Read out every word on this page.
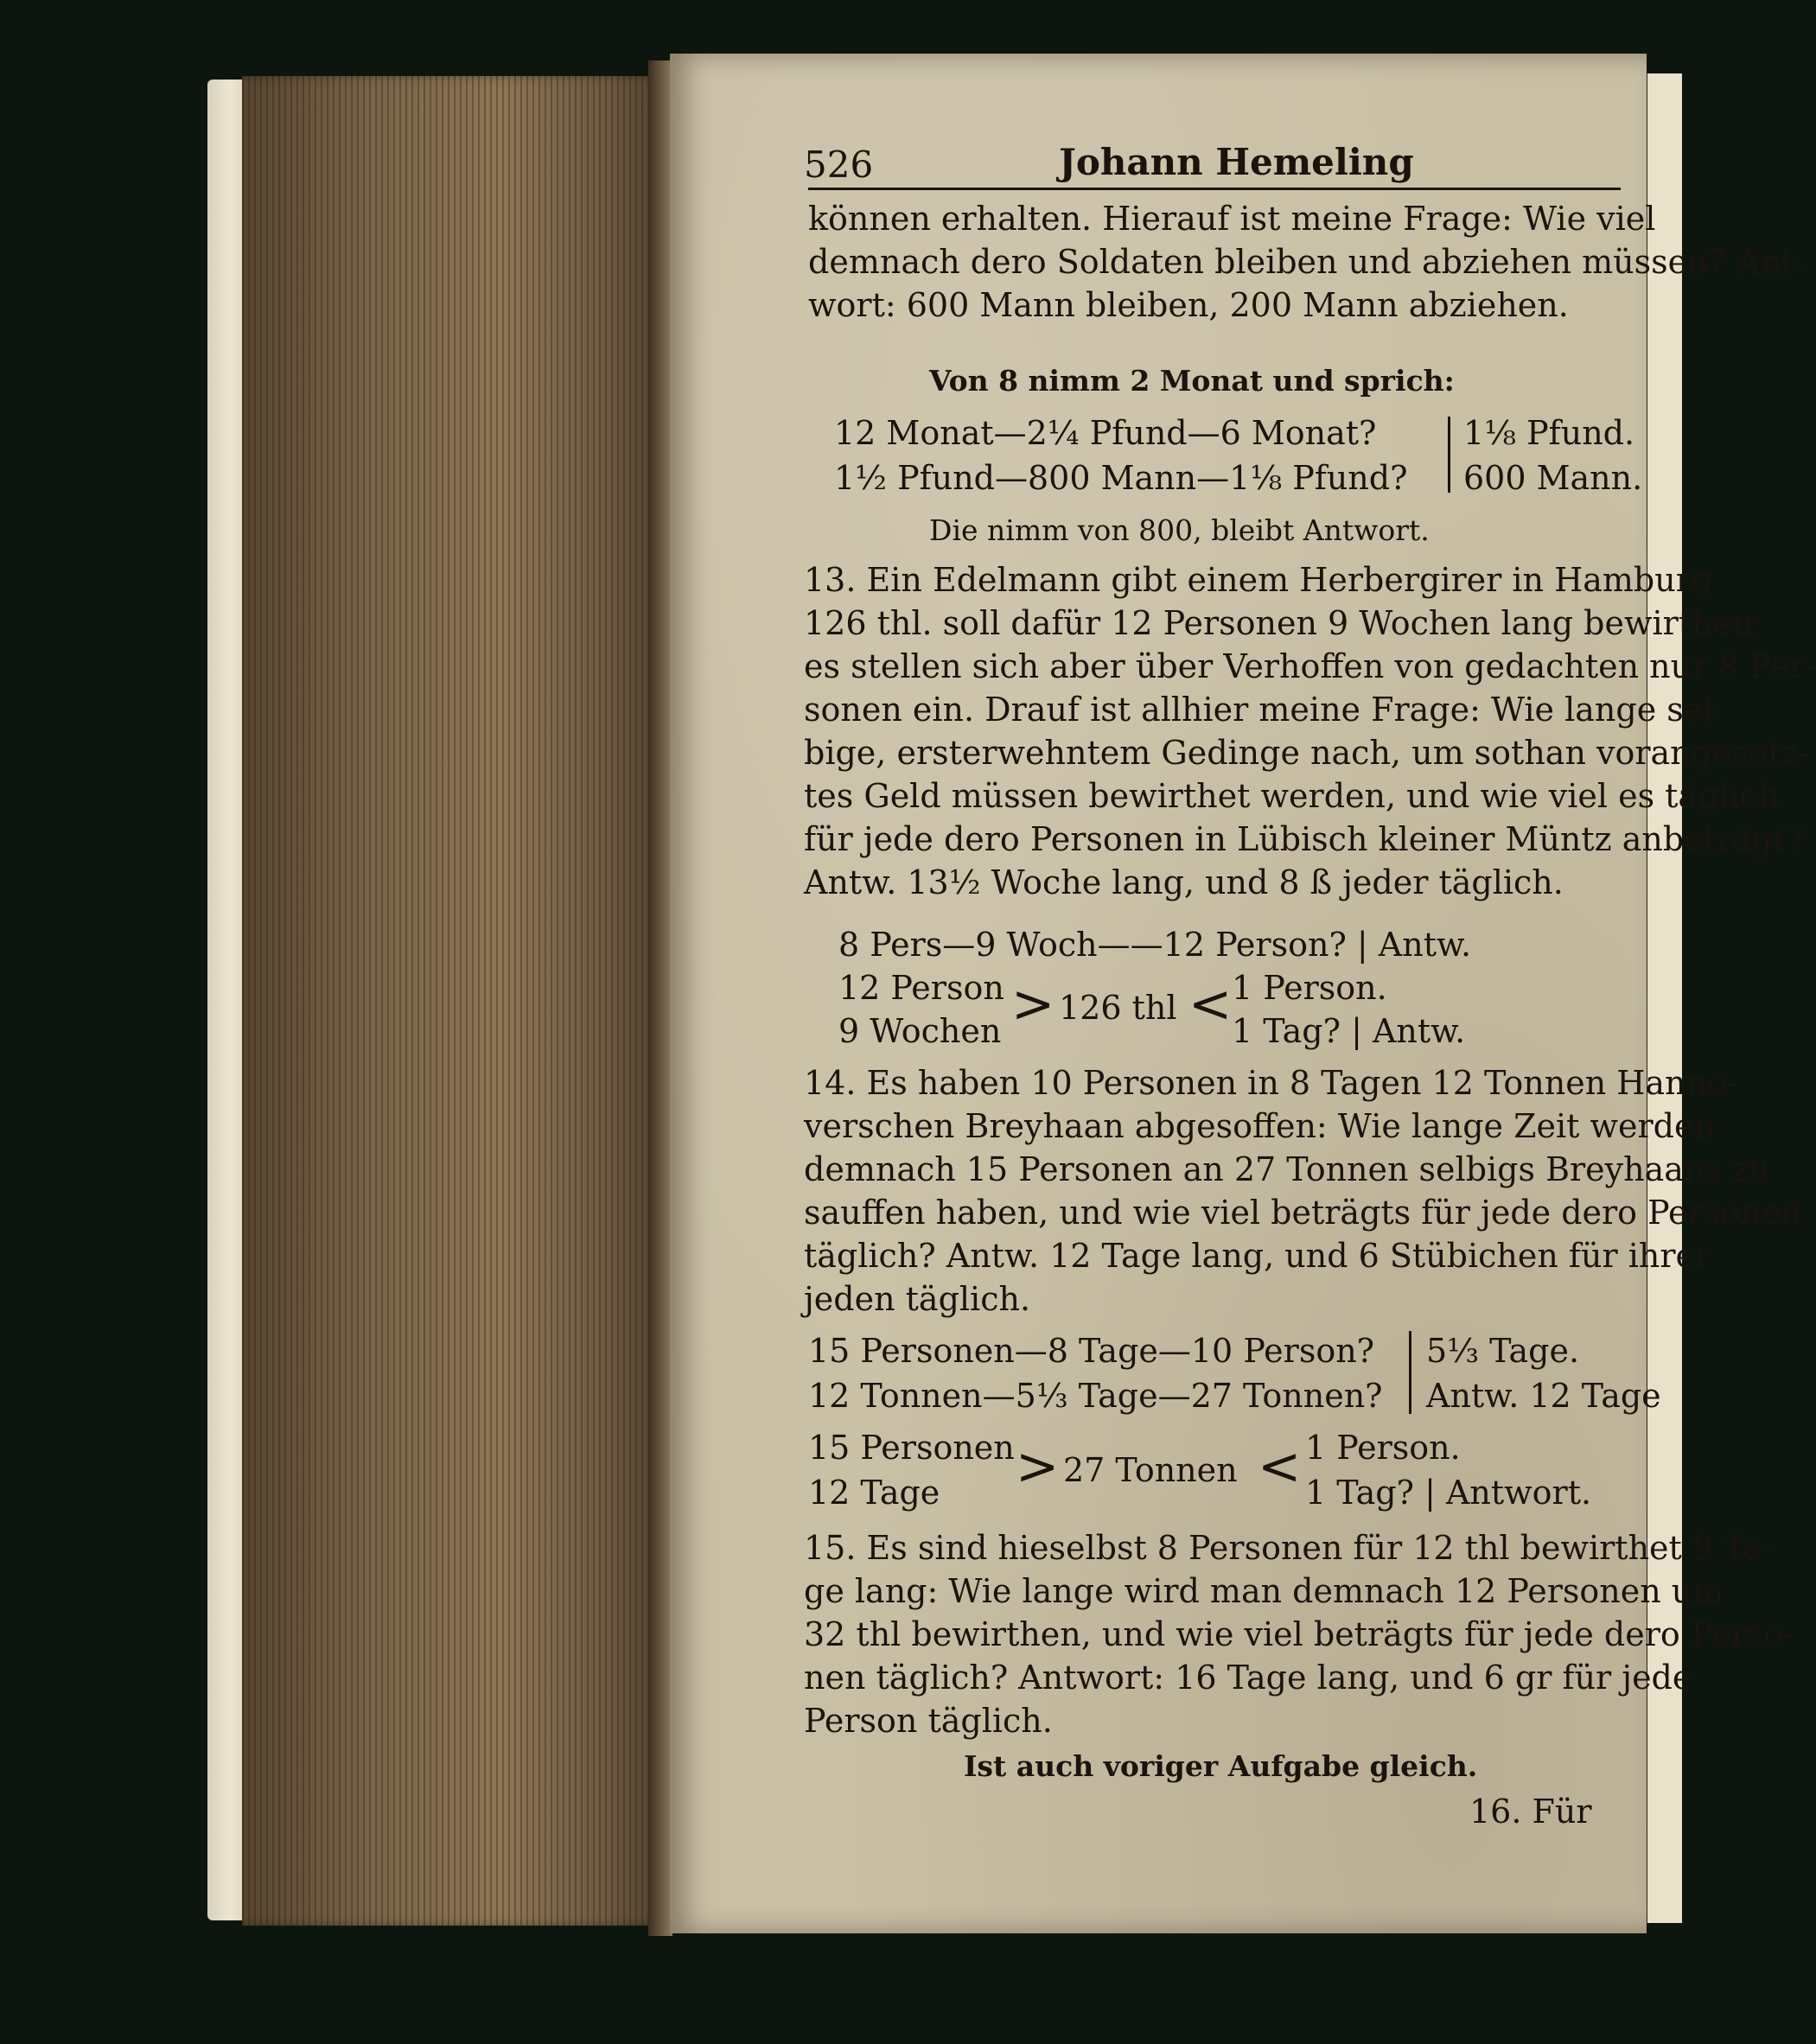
526	Johann Hemeling
können erhalten. Hierauf ist meine Frage: Wie viel
demnach dero Soldaten bleiben und abziehen müssen? Ant-
wort: 600 Mann bleiben, 200 Mann abziehen.
Von 8 nimm 2 Monat und sprich:
12 Monat—2¼ Pfund—6 Monat?	1⅛ Pfund.
1½ Pfund—800 Mann—1⅛ Pfund? 600 Mann.
Die nimm von 800, bleibt Antwort.
13. Ein Edelmann gibt einem Herbergirer in Hamburg
126 thl. soll dafür 12 Personen 9 Wochen lang bewirthen;
es stellen sich aber über Verhoffen von gedachten nur 8 Per-
sonen ein. Drauf ist allhier meine Frage: Wie lange sel-
bige, ersterwehntem Gedinge nach, um sothan vorangesetz-
tes Geld müssen bewirthet werden, und wie viel es täglich
für jede dero Personen in Lübisch kleiner Müntz anbeträgt?
Antw. 13½ Woche lang, und 8 ß jeder täglich.
8 Pers—9 Woch——12 Person? | Antw.
12 Person
9 Wochen > 126 thl < 1 Person.
1 Tag? | Antw.
14. Es haben 10 Personen in 8 Tagen 12 Tonnen Hanno-
verschen Breyhaan abgesoffen: Wie lange Zeit werden
demnach 15 Personen an 27 Tonnen selbigs Breyhaans zu
sauffen haben, und wie viel beträgts für jede dero Personen
täglich? Antw. 12 Tage lang, und 6 Stübichen für ihrer
jeden täglich.
15 Personen—8 Tage—10 Person? 5⅓ Tage.
12 Tonnen—5⅓ Tage—27 Tonnen? Antw. 12 Tage
15 Personen
12 Tage > 27 Tonnen < 1 Person.
1 Tag? | Antwort.
15. Es sind hieselbst 8 Personen für 12 thl bewirthet 9 Ta-
ge lang: Wie lange wird man demnach 12 Personen um
32 thl bewirthen, und wie viel beträgts für jede dero Perso-
nen täglich? Antwort: 16 Tage lang, und 6 gr für jede
Person täglich.
Ist auch voriger Aufgabe gleich.
16. Für
